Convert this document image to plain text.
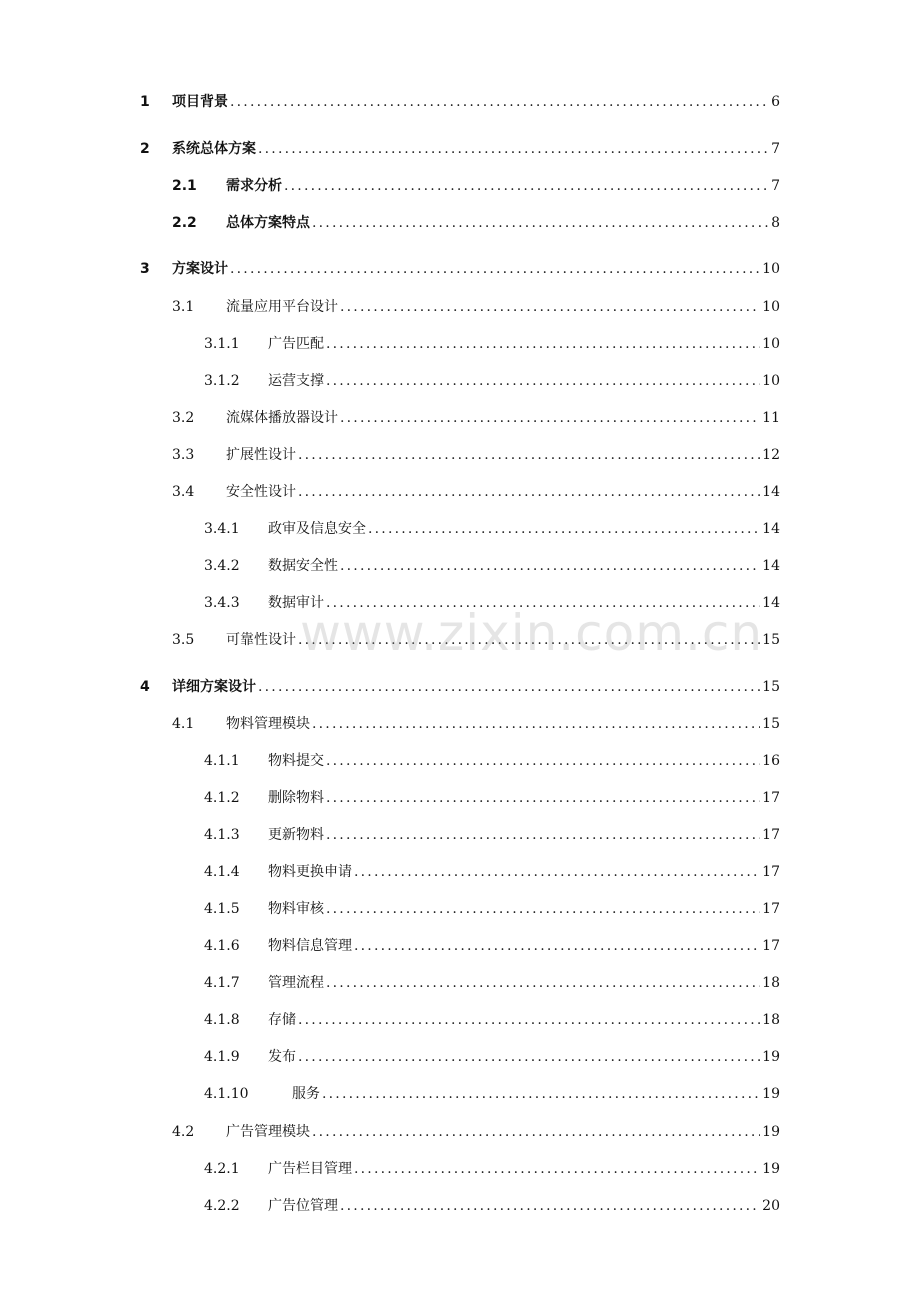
1	项目背景 .....	6
2	系统总体方案 .....	7
2.1	需求分析 .....	7
2.2	总体方案特点 .....	8
3	方案设计 .....	10
3.1	流量应用平台设计 .....	10
3.1.1	广告匹配 .....	10
3.1.2	运营支撑 .....	10
3.2	流媒体播放器设计 .....	11
3.3	扩展性设计 .....	12
3.4	安全性设计 .....	14
3.4.1	政审及信息安全 .....	14
3.4.2	数据安全性 .....	14
3.4.3	数据审计 .....	14
3.5	可靠性设计 .....	15
4	详细方案设计 .....	15
4.1	物料管理模块 .....	15
4.1.1	物料提交 .....	16
4.1.2	删除物料 .....	17
4.1.3	更新物料 .....	17
4.1.4	物料更换申请 .....	17
4.1.5	物料审核 .....	17
4.1.6	物料信息管理 .....	17
4.1.7	管理流程 .....	18
4.1.8	存储 .....	18
4.1.9	发布 .....	19
4.1.10	服务 .....	19
4.2	广告管理模块 .....	19
4.2.1	广告栏目管理 .....	19
4.2.2	广告位管理 .....	20
www.zixin.com.cn
